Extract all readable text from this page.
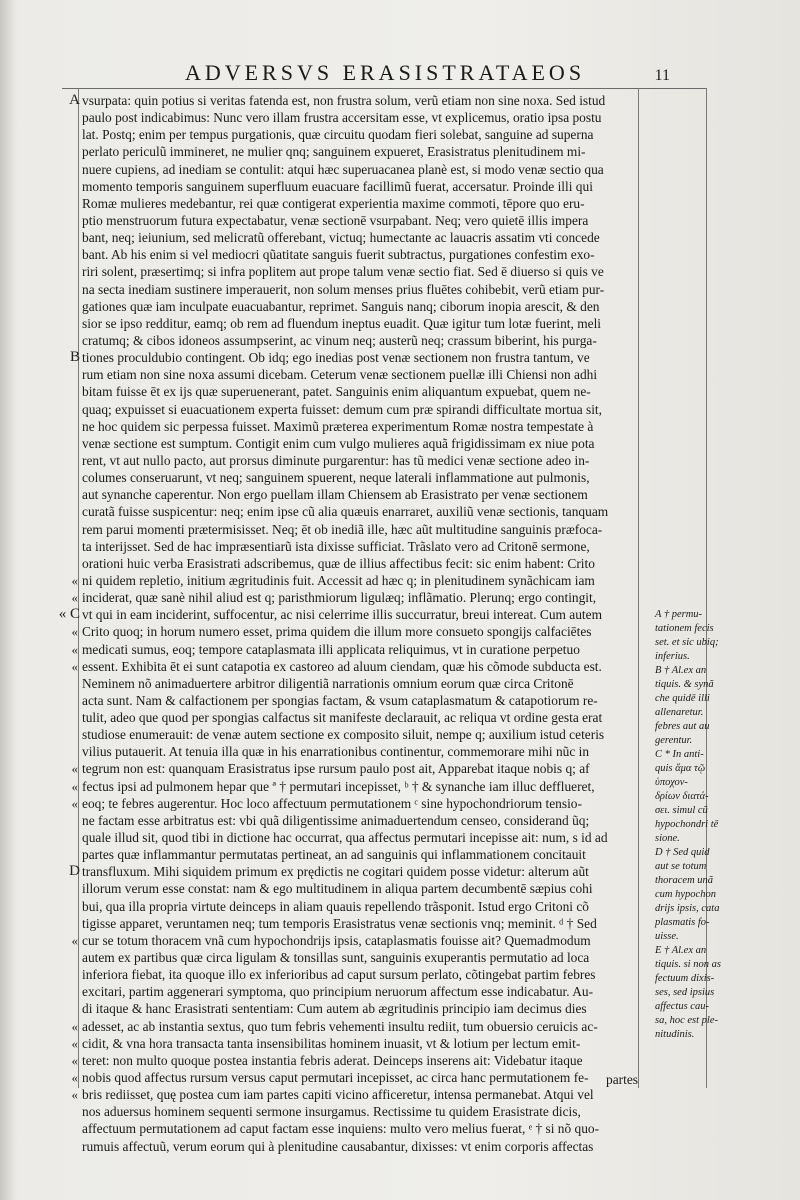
ADVERSVS ERASISTRATAEOS	11
A vsurpata: quin potius si veritas fatenda est, non frustra solum, verũ etiam non sine noxa. Sed istud
paulo post indicabimus: Nunc vero illam frustra accersitam esse, vt explicemus, oratio ipsa postu
lat. Postq; enim per tempus purgationis, quæ circuitu quodam fieri solebat, sanguine ad superna
perlato periculũ immineret, ne mulier qnq; sanguinem expueret, Erasistratus plenitudinem mi-
nuere cupiens, ad inediam se contulit: atqui hæc superuacanea planè est, si modo venæ sectio qua
momento temporis sanguinem superfluum euacuare facillimũ fuerat, accersatur. Proinde illi qui
Romæ mulieres medebantur, rei quæ contigerat experientia maxime commoti, tēpore quo eru-
ptio menstruorum futura expectabatur, venæ sectionē vsurpabant. Neq; vero quietē illis impera
bant, neq; ieiunium, sed melicratũ offerebant, victuq; humectante ac lauacris assatim vti concede
bant. Ab his enim si vel mediocri qũatitate sanguis fuerit subtractus, purgationes confestim exo-
riri solent, præsertimq; si infra poplitem aut prope talum venæ sectio fiat. Sed ē diuerso si quis ve
na secta inediam sustinere imperauerit, non solum menses prius fluētes cohibebit, verũ etiam pur-
gationes quæ iam inculpate euacuabantur, reprimet. Sanguis nanq; ciborum inopia arescit, & den
sior se ipso redditur, eamq; ob rem ad fluendum ineptus euadit. Quæ igitur tum lotæ fuerint, meli
cratumq; & cibos idoneos assumpserint, ac vinum neq; austerũ neq; crassum biberint, his purga-
B tiones proculdubio contingent. Ob idq; ego inedias post venæ sectionem non frustra tantum, ve
rum etiam non sine noxa assumi dicebam. Ceterum venæ sectionem puellæ illi Chiensi non adhi
bitam fuisse ēt ex ijs quæ superuenerant, patet. Sanguinis enim aliquantum expuebat, quem ne-
quaq; expuisset si euacuationem experta fuisset: demum cum præ spirandi difficultate mortua sit,
ne hoc quidem sic perpessa fuisset. Maximũ præterea experimentum Romæ nostra tempestate à
venæ sectione est sumptum. Contigit enim cum vulgo mulieres aquã frigidissimam ex niue pota
rent, vt aut nullo pacto, aut prorsus diminute purgarentur: has tũ medici venæ sectione adeo in-
columes conseruarunt, vt neq; sanguinem spuerent, neque laterali inflammatione aut pulmonis,
aut synanche caperentur. Non ergo puellam illam Chiensem ab Erasistrato per venæ sectionem
curatã fuisse suspicentur: neq; enim ipse cũ alia quæuis enarraret, auxiliũ venæ sectionis, tanquam
rem parui momenti prætermisisset. Neq; ēt ob inediã ille, hæc aũt multitudine sanguinis præfoca-
ta interijsset. Sed de hac impræsentiarũ ista dixisse sufficiat. Trãslato vero ad Critonē sermone,
orationi huic verba Erasistrati adscribemus, quæ de illius affectibus fecit: sic enim habent: Crito
« ni quidem repletio, initium ægritudinis fuit. Accessit ad hæc q; in plenitudinem synãchicam iam
« inciderat, quæ sanè nihil aliud est q; paristhmiorum ligulæq; inflãmatio. Plerunq; ergo contingit,
« C vt qui in eam inciderint, suffocentur, ac nisi celerrime illis succurratur, breui intereat. Cum autem
« Crito quoq; in horum numero esset, prima quidem die illum more consueto spongijs calfaciētes
« medicati sumus, eoq; tempore cataplasmata illi applicata reliquimus, vt in curatione perpetuo
« essent. Exhibita ēt ei sunt catapotia ex castoreo ad aluum ciendam, quæ his cõmode subducta est.
Neminem nõ animaduertere arbitror diligentiã narrationis omnium eorum quæ circa Critonē
acta sunt. Nam & calfactionem per spongias factam, & vsum cataplasmatum & catapotiorum re-
tulit, adeo que quod per spongias calfactus sit manifeste declarauit, ac reliqua vt ordine gesta erat
studiose enumerauit: de venæ autem sectione ex composito siluit, nempe q; auxilium istud ceteris
vilius putauerit. At tenuia illa quæ in his enarrationibus continentur, commemorare mihi nũc in
« tegrum non est: quanquam Erasistratus ipse rursum paulo post ait, Apparebat itaque nobis q; af
« fectus ipsi ad pulmonem hepar que ª † permutari incepisset, ᵇ † & synanche iam illuc defflueret,
« eoq; te febres augerentur. Hoc loco affectuum permutationem ᶜ sine hypochondriorum tensio-
ne factam esse arbitratus est: vbi quã diligentissime animaduertendum censeo, considerand ũq;
quale illud sit, quod tibi in dictione hac occurrat, qua affectus permutari incepisse ait: num, s id ad
partes quæ inflammantur permutatas pertineat, an ad sanguinis qui inflammationem concitauit
D transfluxum. Mihi siquidem primum ex prędictis ne cogitari quidem posse videtur: alterum aũt
illorum verum esse constat: nam & ego multitudinem in aliqua partem decumbentē sæpius cohi
bui, qua illa propria virtute deinceps in aliam quauis repellendo trãsponit. Istud ergo Critoni cõ
tigisse apparet, veruntamen neq; tum temporis Erasistratus venæ sectionis vnq; meminit. ᵈ † Sed
« cur se totum thoracem vnã cum hypochondrijs ipsis, cataplasmatis fouisse ait? Quemadmodum
autem ex partibus quæ circa ligulam & tonsillas sunt, sanguinis exuperantis permutatio ad loca
inferiora fiebat, ita quoque illo ex inferioribus ad caput sursum perlato, cõtingebat partim febres
excitari, partim aggenerari symptoma, quo principium neruorum affectum esse indicabatur. Au-
di itaque & hanc Erasistrati sententiam: Cum autem ab ægritudinis principio iam decimus dies
« adesset, ac ab instantia sextus, quo tum febris vehementi insultu rediit, tum obuersio ceruicis ac-
« cidit, & vna hora transacta tanta insensibilitas hominem inuasit, vt & lotium per lectum emit-
« teret: non multo quoque postea instantia febris aderat. Deinceps inserens ait: Videbatur itaque
« nobis quod affectus rursum versus caput permutari incepisset, ac circa hanc permutationem fe-
« bris rediisset, quę postea cum iam partes capiti vicino afficeretur, intensa permanebat. Atqui vel
nos aduersus hominem sequenti sermone insurgamus. Rectissime tu quidem Erasistrate dicis,
affectuum permutationem ad caput factam esse inquiens: multo vero melius fuerat, ᵉ † si nõ quo-
rumuis affectuũ, verum eorum qui à plenitudine causabantur, dixisses: vt enim corporis affectas
partes
A † permu-
tationem fecis
set. et sic ubiq;
inferius.
B † Al.ex an
tiquis. & synã
che quidē illi
allenaretur.
febres aut au
gerentur.
C * In anti-
quis ἅμα τῷ
ὑποχον-
δρίων διατά-
σει. simul cũ
hypochondri tē
sione.
D † Sed quid
aut se totum
thoracem unã
cum hypochon
drijs ipsis, cata
plasmatis fo-
uisse.
E † Al.ex an
tiquis. si non as
fectuum dixis-
ses, sed ipsius
affectus cau-
sa, hoc est ple-
nitudinis.
